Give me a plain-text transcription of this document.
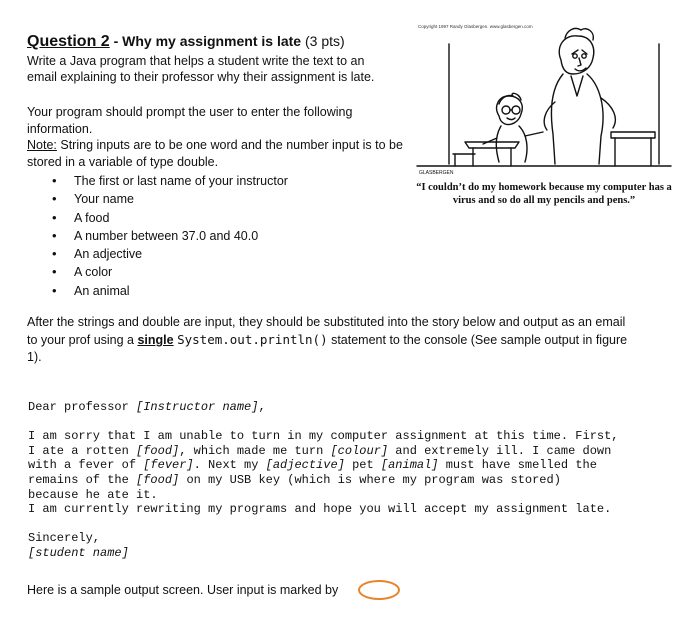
Question 2 - Why my assignment is late (3 pts)
Write a Java program that helps a student write the text to an email explaining to their professor why their assignment is late.
Your program should prompt the user to enter the following information.
Note: String inputs are to be one word and the number input is to be stored in a variable of type double.
• The first or last name of your instructor
• Your name
• A food
• A number between 37.0 and 40.0
• An adjective
• A color
• An animal
After the strings and double are input, they should be substituted into the story below and output as an email to your prof using a single System.out.println() statement to the console (See sample output in figure 1).
Dear professor [Instructor name],

I am sorry that I am unable to turn in my computer assignment at this time. First,
I ate a rotten [food], which made me turn [colour] and extremely ill. I came down
with a fever of [fever]. Next my [adjective] pet [animal] must have smelled the
remains of the [food] on my USB key (which is where my program was stored)
because he ate it.
I am currently rewriting my programs and hope you will accept my assignment late.

Sincerely,
[student name]
Here is a sample output screen. User input is marked by
Copyright 1997 Randy Glasbergen. www.glasbergen.com
GLASBERGEN
“I couldn’t do my homework because my computer has a virus and so do all my pencils and pens.”
